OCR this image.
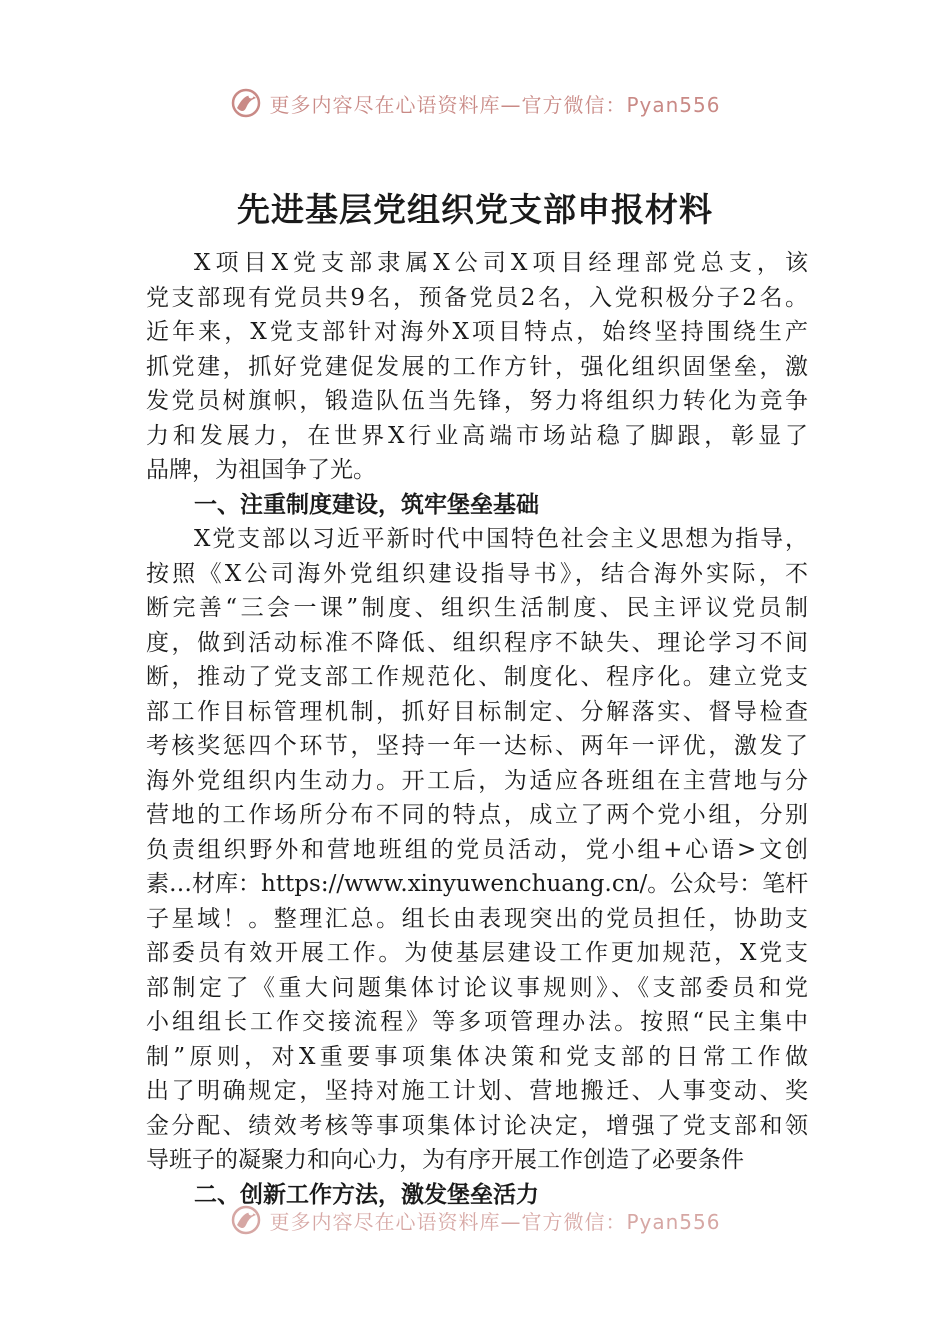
更多内容尽在心语资料库—官方微信：Pyan556
先进基层党组织党支部申报材料
X项目X党支部隶属X公司X项目经理部党总支，该
党支部现有党员共9名，预备党员2名，入党积极分子2名。
近年来，X党支部针对海外X项目特点，始终坚持围绕生产
抓党建，抓好党建促发展的工作方针，强化组织固堡垒，激
发党员树旗帜，锻造队伍当先锋，努力将组织力转化为竞争
力和发展力，在世界X行业高端市场站稳了脚跟，彰显了
品牌，为祖国争了光。
一、注重制度建设，筑牢堡垒基础
X党支部以习近平新时代中国特色社会主义思想为指导，
按照《X公司海外党组织建设指导书》，结合海外实际，不
断完善“三会一课”制度、组织生活制度、民主评议党员制
度，做到活动标准不降低、组织程序不缺失、理论学习不间
断，推动了党支部工作规范化、制度化、程序化。建立党支
部工作目标管理机制，抓好目标制定、分解落实、督导检查
考核奖惩四个环节，坚持一年一达标、两年一评优，激发了
海外党组织内生动力。开工后，为适应各班组在主营地与分
营地的工作场所分布不同的特点，成立了两个党小组，分别
负责组织野外和营地班组的党员活动，党小组+心语>文创
素…材库：https://www.xinyuwenchuang.cn/。公众号：笔杆
子星域！。整理汇总。组长由表现突出的党员担任，协助支
部委员有效开展工作。为使基层建设工作更加规范，X党支
部制定了《重大问题集体讨论议事规则》、《支部委员和党
小组组长工作交接流程》等多项管理办法。按照“民主集中
制”原则，对X重要事项集体决策和党支部的日常工作做
出了明确规定，坚持对施工计划、营地搬迁、人事变动、奖
金分配、绩效考核等事项集体讨论决定，增强了党支部和领
导班子的凝聚力和向心力，为有序开展工作创造了必要条件
二、创新工作方法，激发堡垒活力
更多内容尽在心语资料库—官方微信：Pyan556
